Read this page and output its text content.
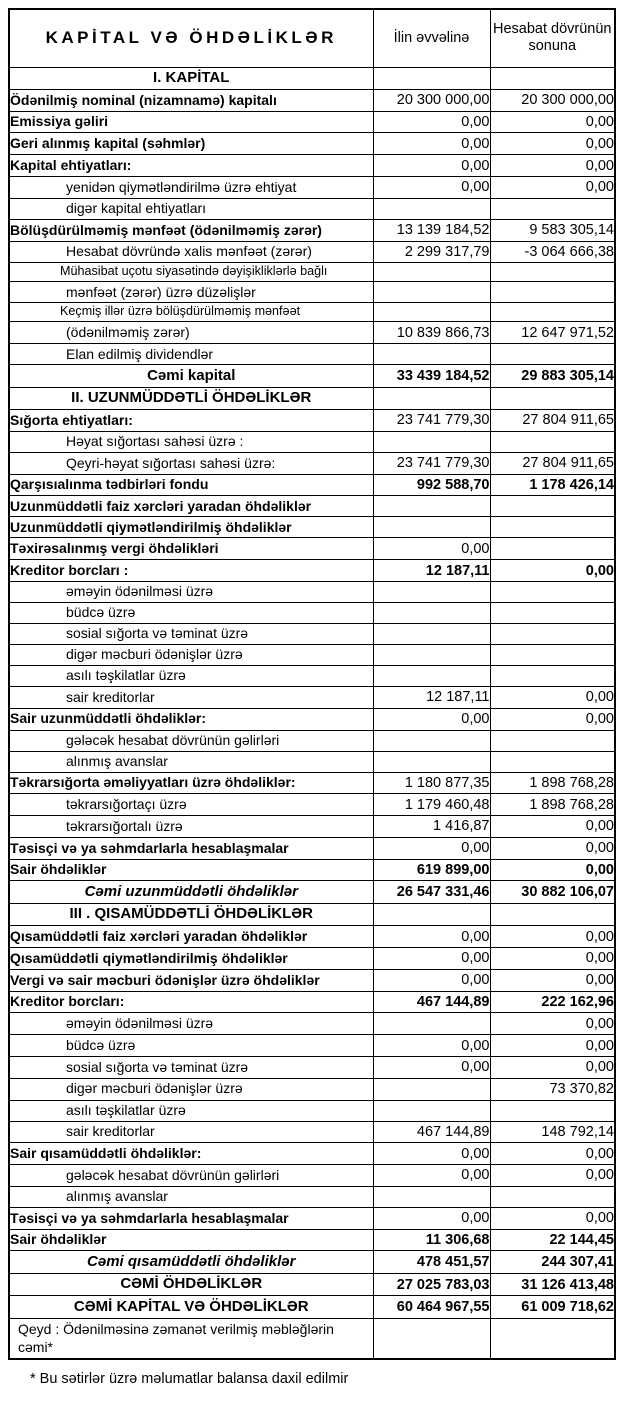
KAPİTAL VƏ ÖHDƏLİKLƏR	İlin əvvəlinə	Hesabat dövrünün sonuna
I. KAPİTAL		
Ödənilmiş nominal (nizamnamə) kapitalı	20 300 000,00	20 300 000,00
Emissiya gəliri	0,00	0,00
Geri alınmış kapital (səhmlər)	0,00	0,00
Kapital ehtiyatları:	0,00	0,00
yenidən qiymətləndirilmə üzrə ehtiyat	0,00	0,00
digər kapital ehtiyatları		
Bölüşdürülməmiş mənfəət (ödənilməmiş zərər)	13 139 184,52	9 583 305,14
Hesabat dövründə xalis mənfəət (zərər)	2 299 317,79	-3 064 666,38
Mühasibat uçotu siyasətində dəyişikliklərlə bağlı		
mənfəət (zərər) üzrə düzəlişlər		
Keçmiş illər üzrə bölüşdürülməmiş mənfəət		
(ödənilməmiş zərər)	10 839 866,73	12 647 971,52
Elan edilmiş dividendlər		
Cəmi kapital	33 439 184,52	29 883 305,14
II. UZUNMÜDDƏTLİ ÖHDƏLİKLƏR		
Sığorta ehtiyatları:	23 741 779,30	27 804 911,65
Həyat sığortası sahəsi üzrə :		
Qeyri-həyat sığortası sahəsi üzrə:	23 741 779,30	27 804 911,65
Qarşısıalınma tədbirləri fondu	992 588,70	1 178 426,14
Uzunmüddətli faiz xərcləri yaradan öhdəliklər		
Uzunmüddətli qiymətləndirilmiş öhdəliklər		
Təxirəsalınmış vergi öhdəlikləri	0,00	
Kreditor borcları :	12 187,11	0,00
əməyin ödənilməsi üzrə		
büdcə üzrə		
sosial sığorta və təminat üzrə		
digər məcburi ödənişlər üzrə		
asılı təşkilatlar üzrə		
sair kreditorlar	12 187,11	0,00
Sair uzunmüddətli öhdəliklər:	0,00	0,00
gələcək hesabat dövrünün gəlirləri		
alınmış avanslar		
Təkrarsığorta əməliyyatları üzrə öhdəliklər:	1 180 877,35	1 898 768,28
təkrarsığortaçı üzrə	1 179 460,48	1 898 768,28
təkrarsığortalı üzrə	1 416,87	0,00
Təsisçi və ya səhmdarlarla hesablaşmalar	0,00	0,00
Sair öhdəliklər	619 899,00	0,00
Cəmi uzunmüddətli öhdəliklər	26 547 331,46	30 882 106,07
III . QISAMÜDDƏTLİ ÖHDƏLİKLƏR		
Qısamüddətli faiz xərcləri yaradan öhdəliklər	0,00	0,00
Qısamüddətli qiymətləndirilmiş öhdəliklər	0,00	0,00
Vergi və sair məcburi ödənişlər üzrə öhdəliklər	0,00	0,00
Kreditor borcları:	467 144,89	222 162,96
əməyin ödənilməsi üzrə		0,00
büdcə üzrə	0,00	0,00
sosial sığorta və təminat üzrə	0,00	0,00
digər məcburi ödənişlər üzrə		73 370,82
asılı təşkilatlar üzrə		
sair kreditorlar	467 144,89	148 792,14
Sair qısamüddətli öhdəliklər:	0,00	0,00
gələcək hesabat dövrünün gəlirləri	0,00	0,00
alınmış avanslar		
Təsisçi və ya səhmdarlarla hesablaşmalar	0,00	0,00
Sair öhdəliklər	11 306,68	22 144,45
Cəmi qısamüddətli öhdəliklər	478 451,57	244 307,41
CƏMİ ÖHDƏLİKLƏR	27 025 783,03	31 126 413,48
CƏMİ KAPİTAL VƏ ÖHDƏLİKLƏR	60 464 967,55	61 009 718,62
Qeyd : Ödənilməsinə zəmanət verilmiş məbləğlərin cəmi*		
* Bu sətirlər üzrə məlumatlar balansa daxil edilmir
